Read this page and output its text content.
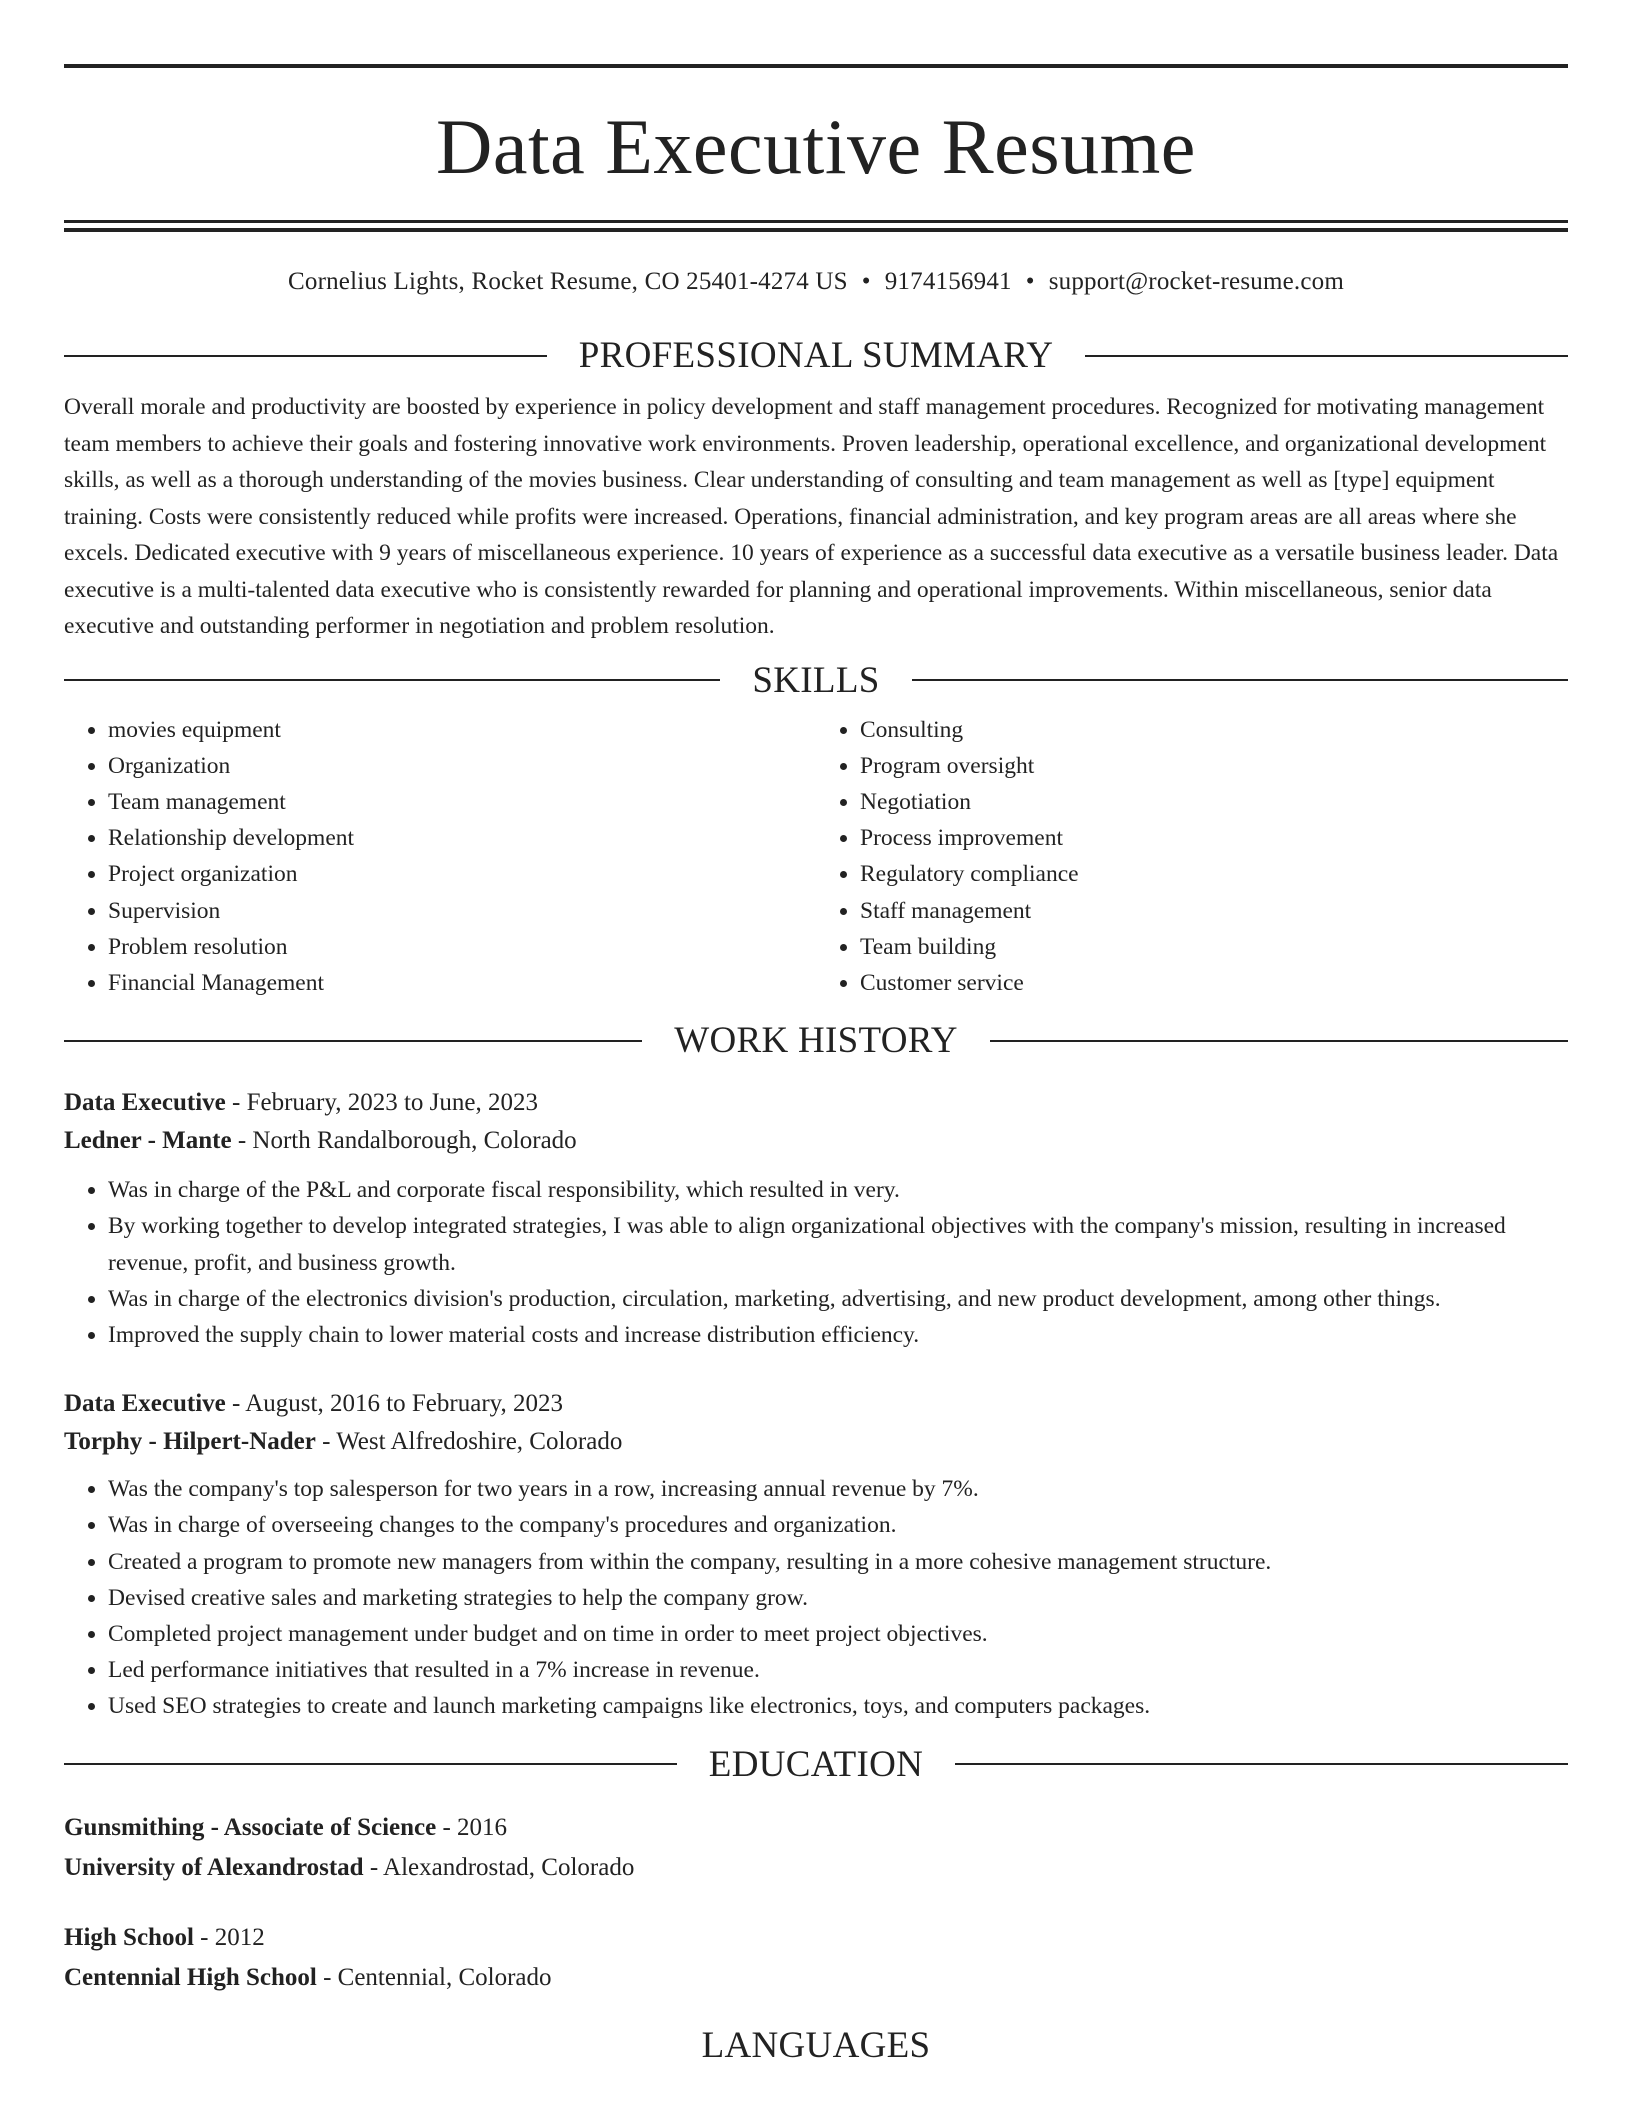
Data Executive Resume
Cornelius Lights, Rocket Resume, CO 25401-4274 US • 9174156941 • support@rocket-resume.com
PROFESSIONAL SUMMARY

Overall morale and productivity are boosted by experience in policy development and staff management procedures. Recognized for motivating management team members to achieve their goals and fostering innovative work environments. Proven leadership, operational excellence, and organizational development skills, as well as a thorough understanding of the movies business. Clear understanding of consulting and team management as well as [type] equipment training. Costs were consistently reduced while profits were increased. Operations, financial administration, and key program areas are all areas where she excels. Dedicated executive with 9 years of miscellaneous experience. 10 years of experience as a successful data executive as a versatile business leader. Data executive is a multi-talented data executive who is consistently rewarded for planning and operational improvements. Within miscellaneous, senior data executive and outstanding performer in negotiation and problem resolution.

SKILLS
• movies equipment
• Organization
• Team management
• Relationship development
• Project organization
• Supervision
• Problem resolution
• Financial Management
• Consulting
• Program oversight
• Negotiation
• Process improvement
• Regulatory compliance
• Staff management
• Team building
• Customer service
WORK HISTORY
Data Executive - February, 2023 to June, 2023
Ledner - Mante - North Randalborough, Colorado
• Was in charge of the P&L and corporate fiscal responsibility, which resulted in very.
• By working together to develop integrated strategies, I was able to align organizational objectives with the company's mission, resulting in increased revenue, profit, and business growth.
• Was in charge of the electronics division's production, circulation, marketing, advertising, and new product development, among other things.
• Improved the supply chain to lower material costs and increase distribution efficiency.
Data Executive - August, 2016 to February, 2023
Torphy - Hilpert-Nader - West Alfredoshire, Colorado
• Was the company's top salesperson for two years in a row, increasing annual revenue by 7%.
• Was in charge of overseeing changes to the company's procedures and organization.
• Created a program to promote new managers from within the company, resulting in a more cohesive management structure.
• Devised creative sales and marketing strategies to help the company grow.
• Completed project management under budget and on time in order to meet project objectives.
• Led performance initiatives that resulted in a 7% increase in revenue.
• Used SEO strategies to create and launch marketing campaigns like electronics, toys, and computers packages.
EDUCATION
Gunsmithing - Associate of Science - 2016
University of Alexandrostad - Alexandrostad, Colorado
High School - 2012
Centennial High School - Centennial, Colorado
LANGUAGES
